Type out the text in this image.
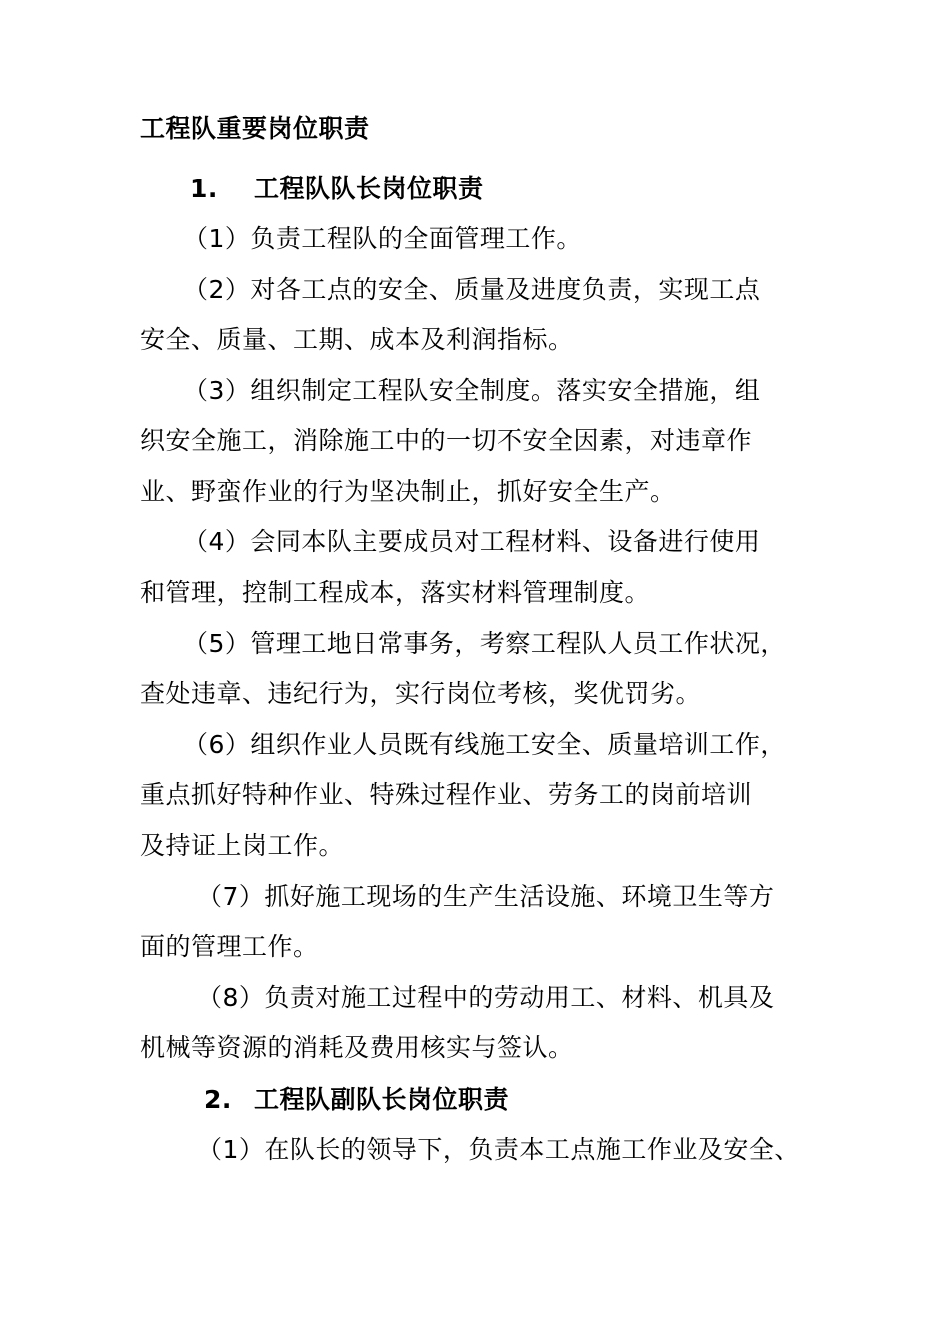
工程队重要岗位职责
1. 工程队队长岗位职责
（1）负责工程队的全面管理工作。
（2）对各工点的安全、质量及进度负责，实现工点
安全、质量、工期、成本及利润指标。
（3）组织制定工程队安全制度。落实安全措施，组
织安全施工，消除施工中的一切不安全因素，对违章作
业、野蛮作业的行为坚决制止，抓好安全生产。
（4）会同本队主要成员对工程材料、设备进行使用
和管理，控制工程成本，落实材料管理制度。
（5）管理工地日常事务，考察工程队人员工作状况，
查处违章、违纪行为，实行岗位考核，奖优罚劣。
（6）组织作业人员既有线施工安全、质量培训工作，
重点抓好特种作业、特殊过程作业、劳务工的岗前培训
及持证上岗工作。
（7）抓好施工现场的生产生活设施、环境卫生等方
面的管理工作。
（8）负责对施工过程中的劳动用工、材料、机具及
机械等资源的消耗及费用核实与签认。
2. 工程队副队长岗位职责
（1）在队长的领导下，负责本工点施工作业及安全、
